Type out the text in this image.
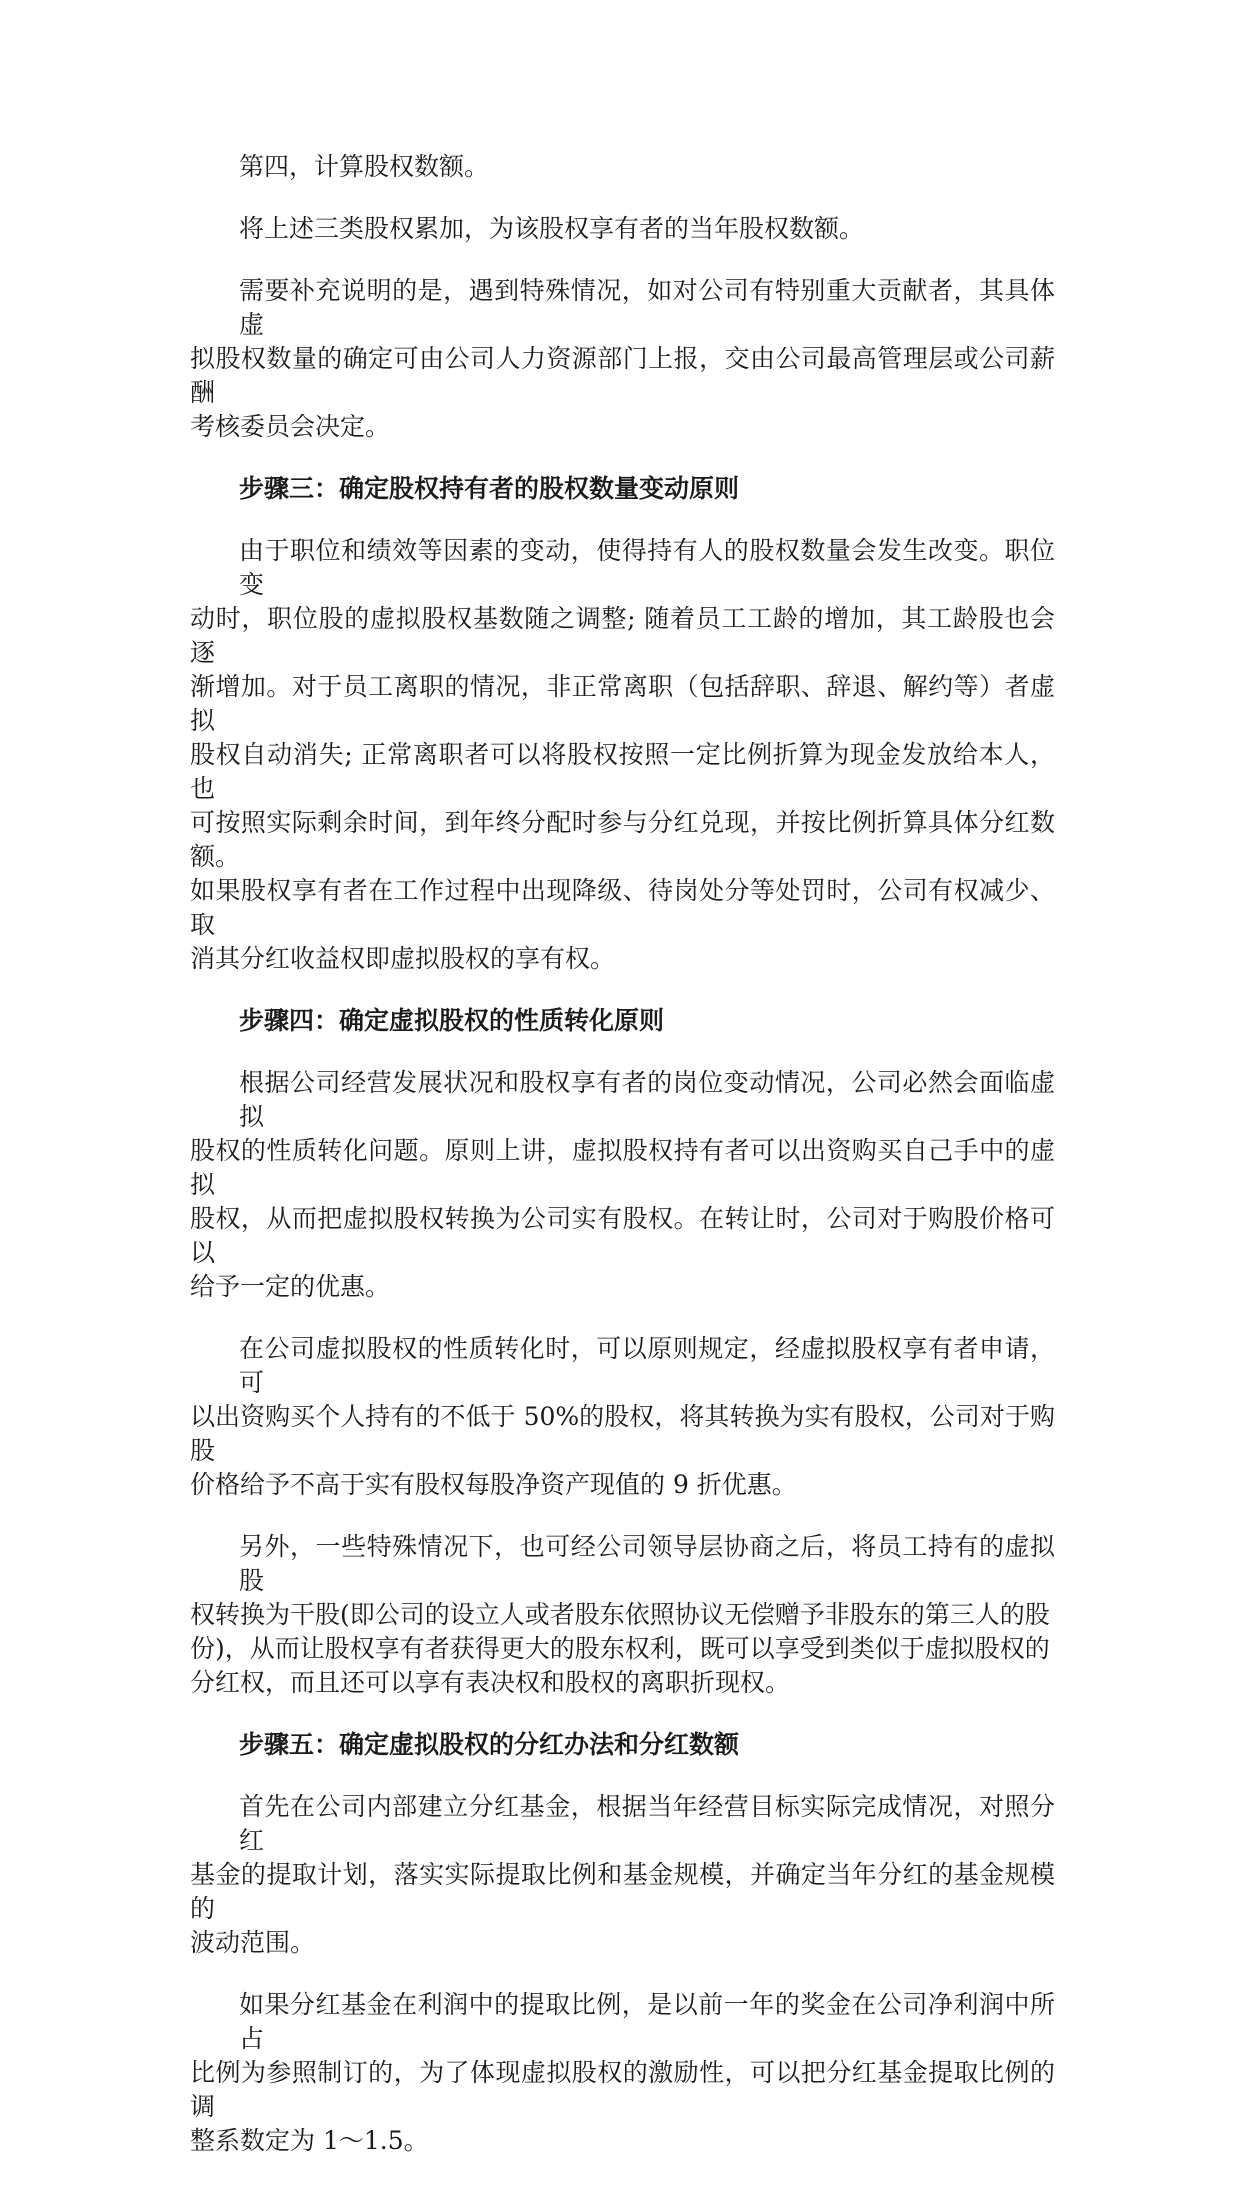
第四，计算股权数额。

将上述三类股权累加，为该股权享有者的当年股权数额。

需要补充说明的是，遇到特殊情况，如对公司有特别重大贡献者，其具体虚
拟股权数量的确定可由公司人力资源部门上报，交由公司最高管理层或公司薪酬
考核委员会决定。

步骤三：确定股权持有者的股权数量变动原则

由于职位和绩效等因素的变动，使得持有人的股权数量会发生改变。职位变
动时，职位股的虚拟股权基数随之调整; 随着员工工龄的增加，其工龄股也会逐
渐增加。对于员工离职的情况，非正常离职（包括辞职、辞退、解约等）者虚拟
股权自动消失; 正常离职者可以将股权按照一定比例折算为现金发放给本人，也
可按照实际剩余时间，到年终分配时参与分红兑现，并按比例折算具体分红数额。
如果股权享有者在工作过程中出现降级、待岗处分等处罚时，公司有权减少、取
消其分红收益权即虚拟股权的享有权。

步骤四：确定虚拟股权的性质转化原则

根据公司经营发展状况和股权享有者的岗位变动情况，公司必然会面临虚拟
股权的性质转化问题。原则上讲，虚拟股权持有者可以出资购买自己手中的虚拟
股权，从而把虚拟股权转换为公司实有股权。在转让时，公司对于购股价格可以
给予一定的优惠。

在公司虚拟股权的性质转化时，可以原则规定，经虚拟股权享有者申请，可
以出资购买个人持有的不低于 50%的股权，将其转换为实有股权，公司对于购股
价格给予不高于实有股权每股净资产现值的 9 折优惠。

另外，一些特殊情况下，也可经公司领导层协商之后，将员工持有的虚拟股
权转换为干股(即公司的设立人或者股东依照协议无偿赠予非股东的第三人的股
份)，从而让股权享有者获得更大的股东权利，既可以享受到类似于虚拟股权的
分红权，而且还可以享有表决权和股权的离职折现权。

步骤五：确定虚拟股权的分红办法和分红数额

首先在公司内部建立分红基金，根据当年经营目标实际完成情况，对照分红
基金的提取计划，落实实际提取比例和基金规模，并确定当年分红的基金规模的
波动范围。

如果分红基金在利润中的提取比例，是以前一年的奖金在公司净利润中所占
比例为参照制订的，为了体现虚拟股权的激励性，可以把分红基金提取比例的调
整系数定为 1～1.5。
